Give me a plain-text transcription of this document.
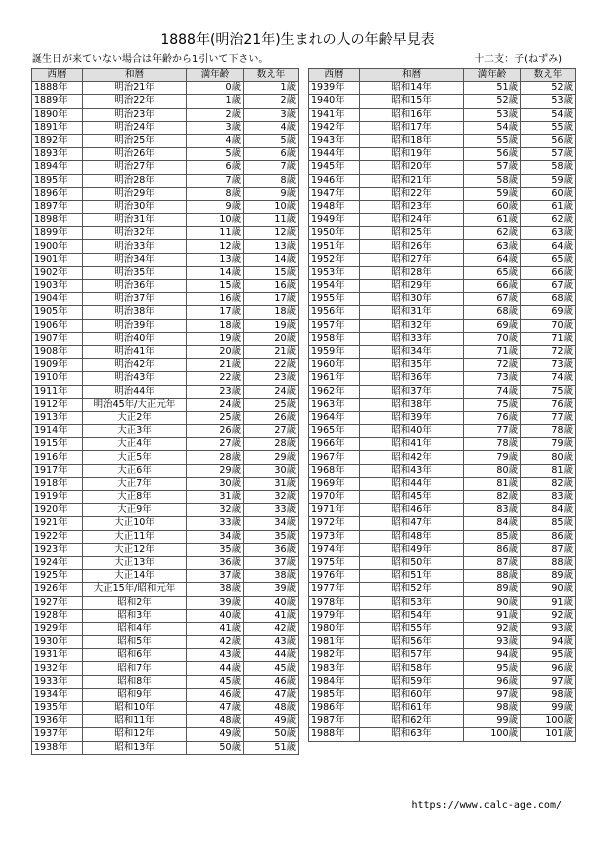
1888年(明治21年)生まれの人の年齢早見表
誕生日が来ていない場合は年齢から1引いて下さい。	十二支：子(ねずみ)
西暦	和暦	満年齢	数え年
1888年	明治21年	0歳	1歳
1889年	明治22年	1歳	2歳
1890年	明治23年	2歳	3歳
1891年	明治24年	3歳	4歳
1892年	明治25年	4歳	5歳
1893年	明治26年	5歳	6歳
1894年	明治27年	6歳	7歳
1895年	明治28年	7歳	8歳
1896年	明治29年	8歳	9歳
1897年	明治30年	9歳	10歳
1898年	明治31年	10歳	11歳
1899年	明治32年	11歳	12歳
1900年	明治33年	12歳	13歳
1901年	明治34年	13歳	14歳
1902年	明治35年	14歳	15歳
1903年	明治36年	15歳	16歳
1904年	明治37年	16歳	17歳
1905年	明治38年	17歳	18歳
1906年	明治39年	18歳	19歳
1907年	明治40年	19歳	20歳
1908年	明治41年	20歳	21歳
1909年	明治42年	21歳	22歳
1910年	明治43年	22歳	23歳
1911年	明治44年	23歳	24歳
1912年	明治45年/大正元年	24歳	25歳
1913年	大正2年	25歳	26歳
1914年	大正3年	26歳	27歳
1915年	大正4年	27歳	28歳
1916年	大正5年	28歳	29歳
1917年	大正6年	29歳	30歳
1918年	大正7年	30歳	31歳
1919年	大正8年	31歳	32歳
1920年	大正9年	32歳	33歳
1921年	大正10年	33歳	34歳
1922年	大正11年	34歳	35歳
1923年	大正12年	35歳	36歳
1924年	大正13年	36歳	37歳
1925年	大正14年	37歳	38歳
1926年	大正15年/昭和元年	38歳	39歳
1927年	昭和2年	39歳	40歳
1928年	昭和3年	40歳	41歳
1929年	昭和4年	41歳	42歳
1930年	昭和5年	42歳	43歳
1931年	昭和6年	43歳	44歳
1932年	昭和7年	44歳	45歳
1933年	昭和8年	45歳	46歳
1934年	昭和9年	46歳	47歳
1935年	昭和10年	47歳	48歳
1936年	昭和11年	48歳	49歳
1937年	昭和12年	49歳	50歳
1938年	昭和13年	50歳	51歳
西暦	和暦	満年齢	数え年
1939年	昭和14年	51歳	52歳
1940年	昭和15年	52歳	53歳
1941年	昭和16年	53歳	54歳
1942年	昭和17年	54歳	55歳
1943年	昭和18年	55歳	56歳
1944年	昭和19年	56歳	57歳
1945年	昭和20年	57歳	58歳
1946年	昭和21年	58歳	59歳
1947年	昭和22年	59歳	60歳
1948年	昭和23年	60歳	61歳
1949年	昭和24年	61歳	62歳
1950年	昭和25年	62歳	63歳
1951年	昭和26年	63歳	64歳
1952年	昭和27年	64歳	65歳
1953年	昭和28年	65歳	66歳
1954年	昭和29年	66歳	67歳
1955年	昭和30年	67歳	68歳
1956年	昭和31年	68歳	69歳
1957年	昭和32年	69歳	70歳
1958年	昭和33年	70歳	71歳
1959年	昭和34年	71歳	72歳
1960年	昭和35年	72歳	73歳
1961年	昭和36年	73歳	74歳
1962年	昭和37年	74歳	75歳
1963年	昭和38年	75歳	76歳
1964年	昭和39年	76歳	77歳
1965年	昭和40年	77歳	78歳
1966年	昭和41年	78歳	79歳
1967年	昭和42年	79歳	80歳
1968年	昭和43年	80歳	81歳
1969年	昭和44年	81歳	82歳
1970年	昭和45年	82歳	83歳
1971年	昭和46年	83歳	84歳
1972年	昭和47年	84歳	85歳
1973年	昭和48年	85歳	86歳
1974年	昭和49年	86歳	87歳
1975年	昭和50年	87歳	88歳
1976年	昭和51年	88歳	89歳
1977年	昭和52年	89歳	90歳
1978年	昭和53年	90歳	91歳
1979年	昭和54年	91歳	92歳
1980年	昭和55年	92歳	93歳
1981年	昭和56年	93歳	94歳
1982年	昭和57年	94歳	95歳
1983年	昭和58年	95歳	96歳
1984年	昭和59年	96歳	97歳
1985年	昭和60年	97歳	98歳
1986年	昭和61年	98歳	99歳
1987年	昭和62年	99歳	100歳
1988年	昭和63年	100歳	101歳
https://www.calc-age.com/
